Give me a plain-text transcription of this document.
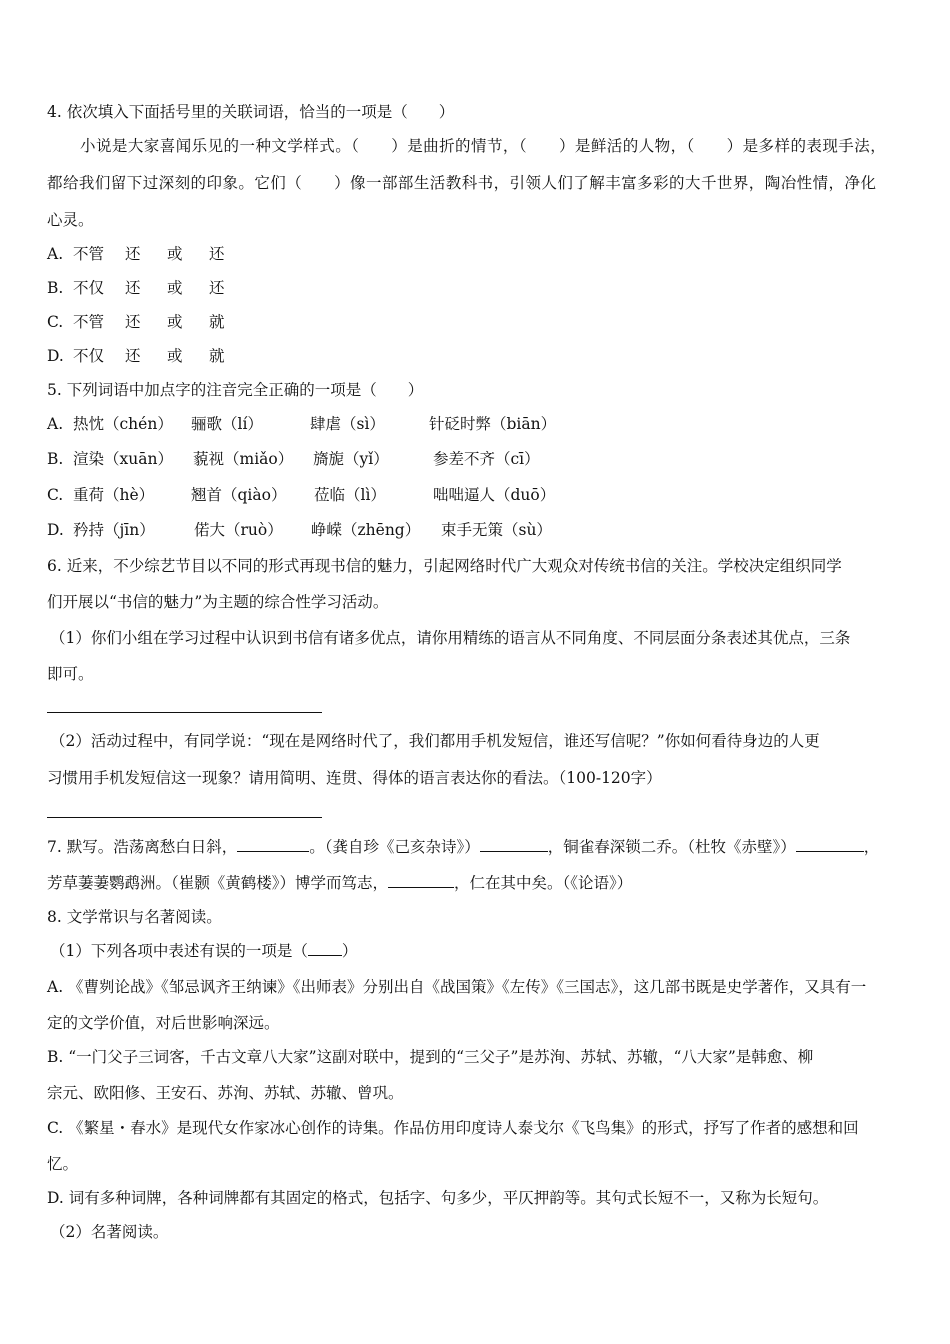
4. 依次填入下面括号里的关联词语，恰当的一项是（　　）
小说是大家喜闻乐见的一种文学样式。（　　）是曲折的情节，（　　）是鲜活的人物，（　　）是多样的表现手法，
都给我们留下过深刻的印象。它们（　　）像一部部生活教科书，引领人们了解丰富多彩的大千世界，陶冶性情，净化
心灵。
A. 不管 还 或 还
B. 不仅 还 或 还
C. 不管 还 或 就
D. 不仅 还 或 就
5. 下列词语中加点字的注音完全正确的一项是（　　）
A. 热忱（chén） 骊歌（lí）	肆虐（sì）	针砭时弊（biān）
B. 渲染（xuān） 藐视（miǎo） 旖旎（yǐ）	参差不齐（cī）
C. 重荷（hè） 翘首（qiào） 莅临（lì）	咄咄逼人（duō）
D. 矜持（jīn）	偌大（ruò） 峥嵘（zhēng） 束手无策（sù）
6. 近来，不少综艺节目以不同的形式再现书信的魅力，引起网络时代广大观众对传统书信的关注。学校决定组织同学
们开展以“书信的魅力”为主题的综合性学习活动。
（1）你们小组在学习过程中认识到书信有诸多优点，请你用精练的语言从不同角度、不同层面分条表述其优点，三条
即可。
（2）活动过程中，有同学说：“现在是网络时代了，我们都用手机发短信，谁还写信呢？”你如何看待身边的人更
习惯用手机发短信这一现象？请用简明、连贯、得体的语言表达你的看法。（100-120字）
7. 默写。浩荡离愁白日斜，	。（龚自珍《己亥杂诗》）	，铜雀春深锁二乔。（杜牧《赤壁》）	，
芳草萋萋鹦鹉洲。（崔颢《黄鹤楼》）博学而笃志，	，仁在其中矣。（《论语》）
8. 文学常识与名著阅读。
（1）下列各项中表述有误的一项是（ ）
A. 《曹刿论战》《邹忌讽齐王纳谏》《出师表》分别出自《战国策》《左传》《三国志》，这几部书既是史学著作，又具有一
定的文学价值，对后世影响深远。
B. “一门父子三词客，千古文章八大家”这副对联中，提到的“三父子”是苏洵、苏轼、苏辙，“八大家”是韩愈、柳
宗元、欧阳修、王安石、苏洵、苏轼、苏辙、曾巩。
C. 《繁星・春水》是现代女作家冰心创作的诗集。作品仿用印度诗人泰戈尔《飞鸟集》的形式，抒写了作者的感想和回
忆。
D. 词有多种词牌，各种词牌都有其固定的格式，包括字、句多少，平仄押韵等。其句式长短不一，又称为长短句。
（2）名著阅读。
